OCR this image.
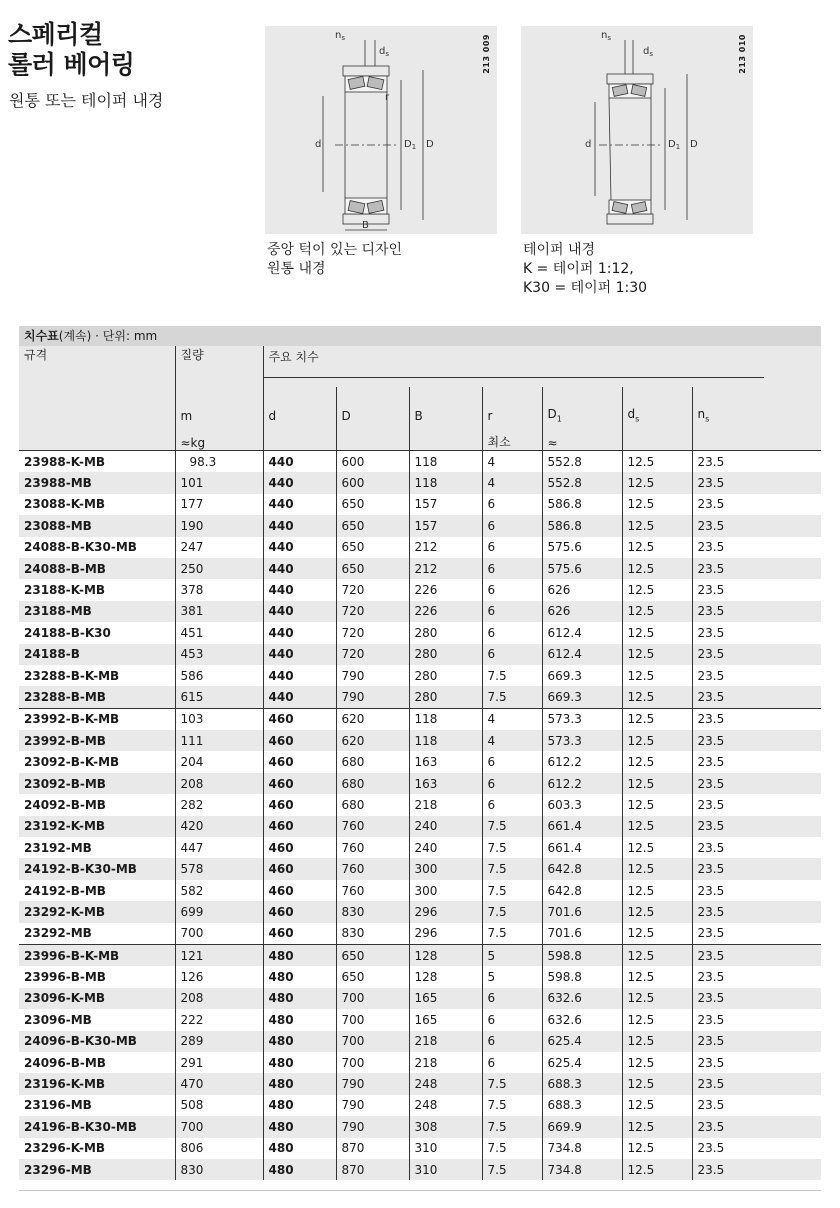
스페리컬
롤러 베어링
원통 또는 테이퍼 내경
$n_s$
$d_s$
r
d	$D_1$ D
B
213 009	$n_s$
$d_s$
d	$D_1$ D
213 010
중앙 턱이 있는 디자인
원통 내경
테이퍼 내경
K = 테이퍼 1:12,
K30 = 테이퍼 1:30
치수표(계속) · 단위: mm
규격	질량	주요 치수						

	m	d	D	B	r	$D_1$	$d_s$	$n_s$
	≈kg				최소	≈		
23988-K-MB	98.3	440	600	118	4	552.8	12.5	23.5
23988-MB	101	440	600	118	4	552.8	12.5	23.5
23088-K-MB	177	440	650	157	6	586.8	12.5	23.5
23088-MB	190	440	650	157	6	586.8	12.5	23.5
24088-B-K30-MB	247	440	650	212	6	575.6	12.5	23.5
24088-B-MB	250	440	650	212	6	575.6	12.5	23.5
23188-K-MB	378	440	720	226	6	626	12.5	23.5
23188-MB	381	440	720	226	6	626	12.5	23.5
24188-B-K30	451	440	720	280	6	612.4	12.5	23.5
24188-B	453	440	720	280	6	612.4	12.5	23.5
23288-B-K-MB	586	440	790	280	7.5	669.3	12.5	23.5
23288-B-MB	615	440	790	280	7.5	669.3	12.5	23.5
23992-B-K-MB	103	460	620	118	4	573.3	12.5	23.5
23992-B-MB	111	460	620	118	4	573.3	12.5	23.5
23092-B-K-MB	204	460	680	163	6	612.2	12.5	23.5
23092-B-MB	208	460	680	163	6	612.2	12.5	23.5
24092-B-MB	282	460	680	218	6	603.3	12.5	23.5
23192-K-MB	420	460	760	240	7.5	661.4	12.5	23.5
23192-MB	447	460	760	240	7.5	661.4	12.5	23.5
24192-B-K30-MB	578	460	760	300	7.5	642.8	12.5	23.5
24192-B-MB	582	460	760	300	7.5	642.8	12.5	23.5
23292-K-MB	699	460	830	296	7.5	701.6	12.5	23.5
23292-MB	700	460	830	296	7.5	701.6	12.5	23.5
23996-B-K-MB	121	480	650	128	5	598.8	12.5	23.5
23996-B-MB	126	480	650	128	5	598.8	12.5	23.5
23096-K-MB	208	480	700	165	6	632.6	12.5	23.5
23096-MB	222	480	700	165	6	632.6	12.5	23.5
24096-B-K30-MB	289	480	700	218	6	625.4	12.5	23.5
24096-B-MB	291	480	700	218	6	625.4	12.5	23.5
23196-K-MB	470	480	790	248	7.5	688.3	12.5	23.5
23196-MB	508	480	790	248	7.5	688.3	12.5	23.5
24196-B-K30-MB	700	480	790	308	7.5	669.9	12.5	23.5
23296-K-MB	806	480	870	310	7.5	734.8	12.5	23.5
23296-MB	830	480	870	310	7.5	734.8	12.5	23.5
